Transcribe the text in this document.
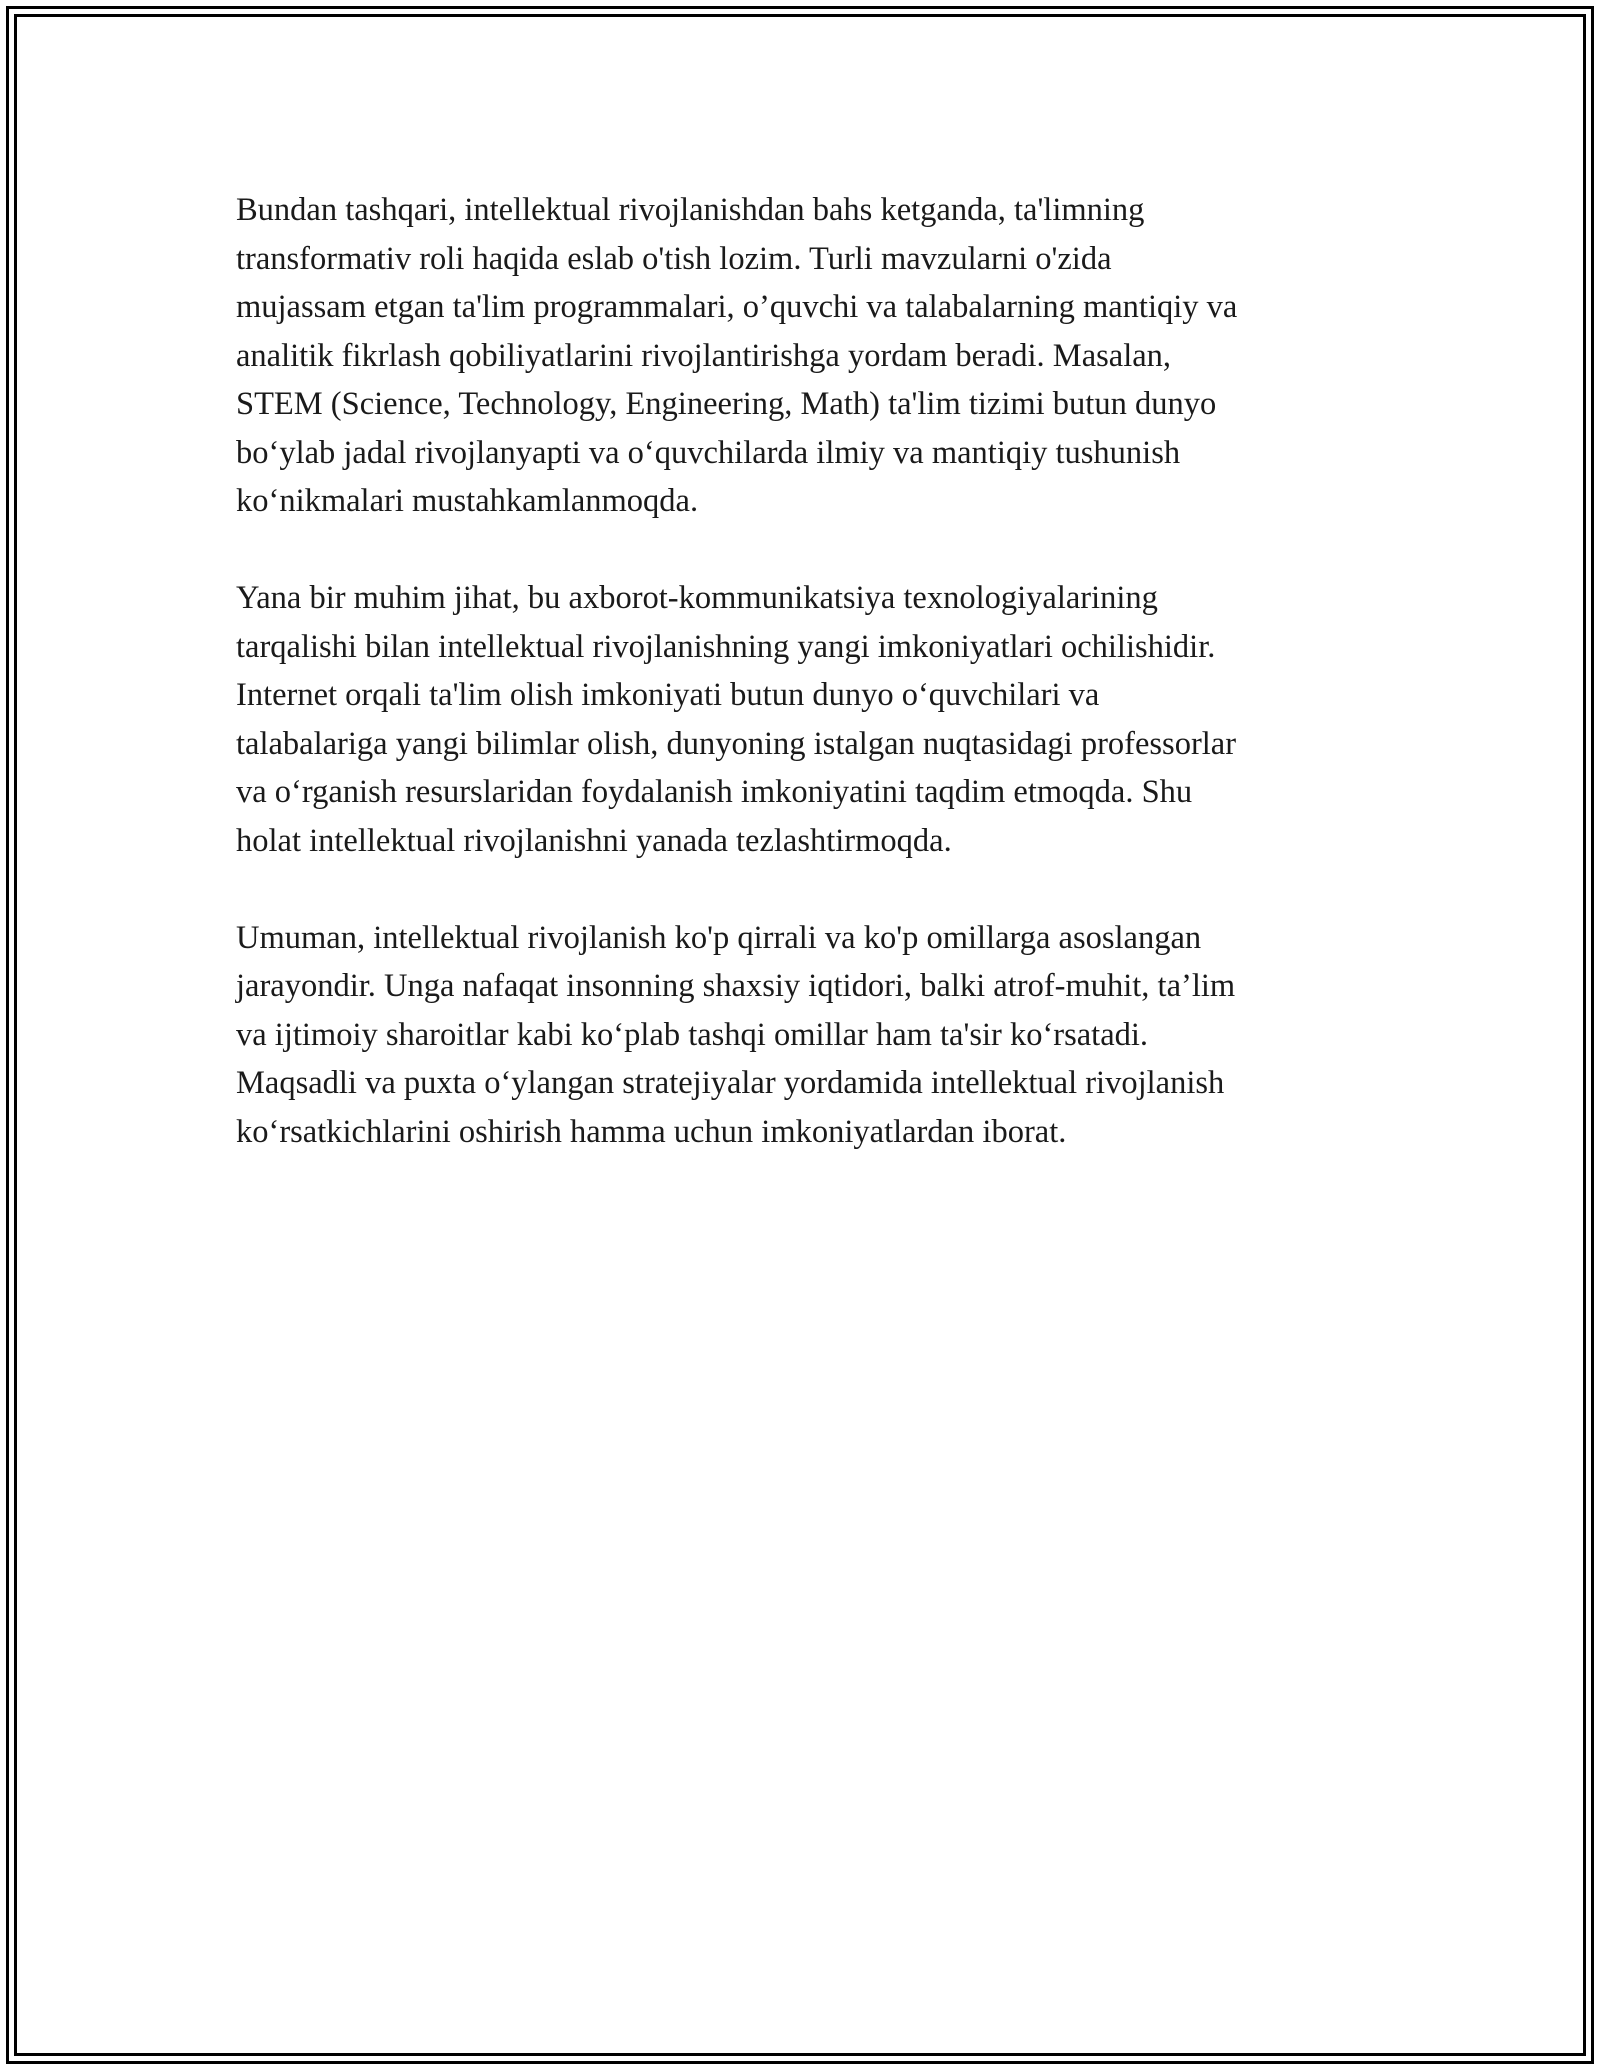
Bundan tashqari, intellektual rivojlanishdan bahs ketganda, ta'limning
transformativ roli haqida eslab o'tish lozim. Turli mavzularni o'zida
mujassam etgan ta'lim programmalari, o’quvchi va talabalarning mantiqiy va
analitik fikrlash qobiliyatlarini rivojlantirishga yordam beradi. Masalan,
STEM (Science, Technology, Engineering, Math) ta'lim tizimi butun dunyo
bo‘ylab jadal rivojlanyapti va o‘quvchilarda ilmiy va mantiqiy tushunish
ko‘nikmalari mustahkamlanmoqda.

Yana bir muhim jihat, bu axborot-kommunikatsiya texnologiyalarining
tarqalishi bilan intellektual rivojlanishning yangi imkoniyatlari ochilishidir.
Internet orqali ta'lim olish imkoniyati butun dunyo o‘quvchilari va
talabalariga yangi bilimlar olish, dunyoning istalgan nuqtasidagi professorlar
va o‘rganish resurslaridan foydalanish imkoniyatini taqdim etmoqda. Shu
holat intellektual rivojlanishni yanada tezlashtirmoqda.

Umuman, intellektual rivojlanish ko'p qirrali va ko'p omillarga asoslangan
jarayondir. Unga nafaqat insonning shaxsiy iqtidori, balki atrof-muhit, ta’lim
va ijtimoiy sharoitlar kabi ko‘plab tashqi omillar ham ta'sir ko‘rsatadi.
Maqsadli va puxta o‘ylangan stratejiyalar yordamida intellektual rivojlanish
ko‘rsatkichlarini oshirish hamma uchun imkoniyatlardan iborat.
